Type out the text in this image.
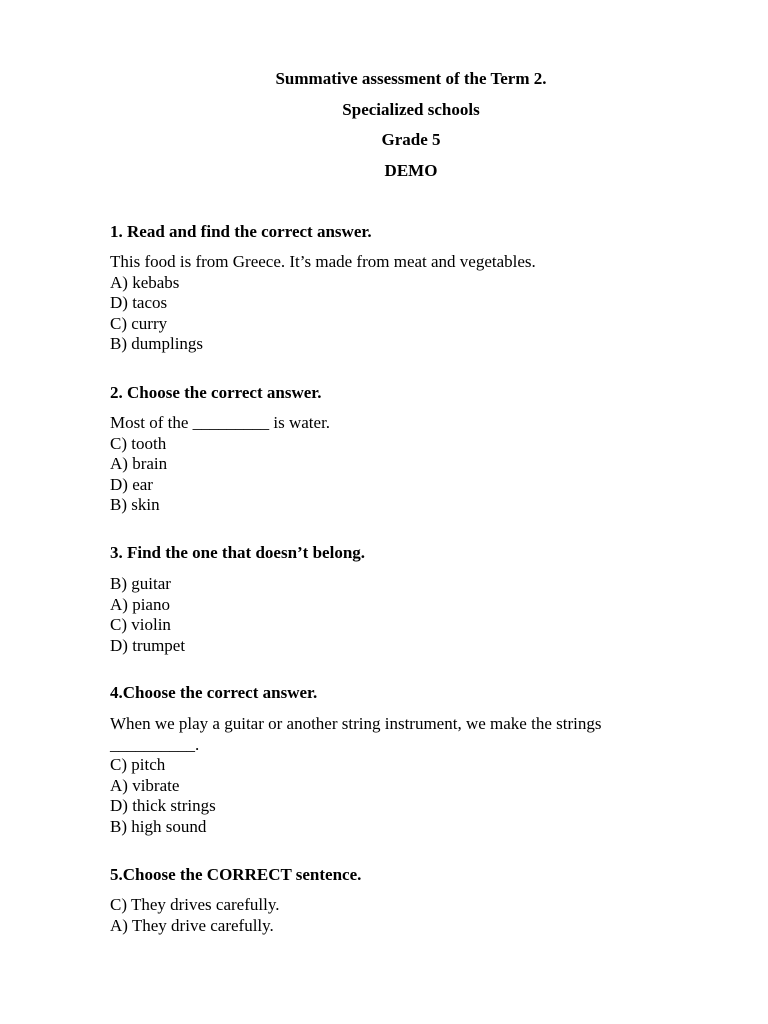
Summative assessment of the Term 2.

Specialized schools

Grade 5

DEMO

1. Read and find the correct answer.

This food is from Greece. It’s made from meat and vegetables.
A) kebabs
D) tacos
C) curry
B) dumplings

2. Choose the correct answer.

Most of the _________ is water.
C) tooth
A) brain
D) ear
B) skin

3. Find the one that doesn’t belong.

B) guitar
A) piano
C) violin
D) trumpet

4.Choose the correct answer.

When we play a guitar or another string instrument, we make the strings
__________.
C) pitch
A) vibrate
D) thick strings
B) high sound

5.Choose the CORRECT sentence.

C) They drives carefully.
A) They drive carefully.
